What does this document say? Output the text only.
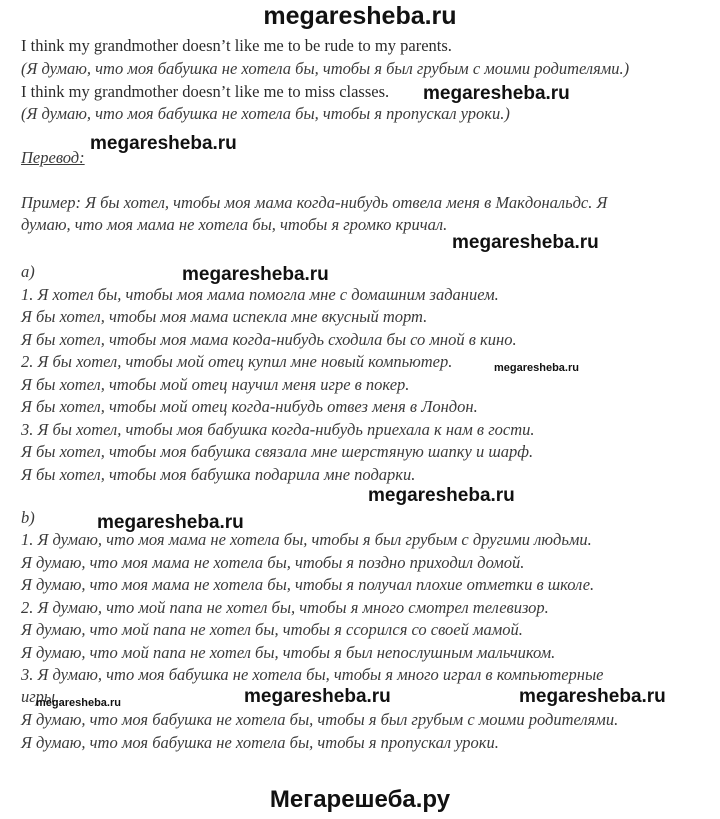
megaresheba.ru
I think my grandmother doesn’t like me to be rude to my parents.
(Я думаю, что моя бабушка не хотела бы, чтобы я был грубым с моими родителями.)
I think my grandmother doesn’t like me to miss classes.
(Я думаю, что моя бабушка не хотела бы, чтобы я пропускал уроки.)
Перевод:
Пример: Я бы хотел, чтобы моя мама когда-нибудь отвела меня в Макдональдс. Я
думаю, что моя мама не хотела бы, чтобы я громко кричал.
a)
1. Я хотел бы, чтобы моя мама помогла мне с домашним заданием.
Я бы хотел, чтобы моя мама испекла мне вкусный торт.
Я бы хотел, чтобы моя мама когда-нибудь сходила бы со мной в кино.
2. Я бы хотел, чтобы мой отец купил мне новый компьютер.
Я бы хотел, чтобы мой отец научил меня игре в покер.
Я бы хотел, чтобы мой отец когда-нибудь отвез меня в Лондон.
3. Я бы хотел, чтобы моя бабушка когда-нибудь приехала к нам в гости.
Я бы хотел, чтобы моя бабушка связала мне шерстяную шапку и шарф.
Я бы хотел, чтобы моя бабушка подарила мне подарки.
b)
1. Я думаю, что моя мама не хотела бы, чтобы я был грубым с другими людьми.
Я думаю, что моя мама не хотела бы, чтобы я поздно приходил домой.
Я думаю, что моя мама не хотела бы, чтобы я получал плохие отметки в школе.
2. Я думаю, что мой папа не хотел бы, чтобы я много смотрел телевизор.
Я думаю, что мой папа не хотел бы, чтобы я ссорился со своей мамой.
Я думаю, что мой папа не хотел бы, чтобы я был непослушным мальчиком.
3. Я думаю, что моя бабушка не хотела бы, чтобы я много играл в компьютерные
игры.
Я думаю, что моя бабушка не хотела бы, чтобы я был грубым с моими родителями.
Я думаю, что моя бабушка не хотела бы, чтобы я пропускал уроки.
megaresheba.ru
megaresheba.ru
megaresheba.ru
megaresheba.ru
megaresheba.ru
megaresheba.ru
megaresheba.ru
megaresheba.ru	megaresheba.ru
megaresheba.ru
Мегарешеба.ру
